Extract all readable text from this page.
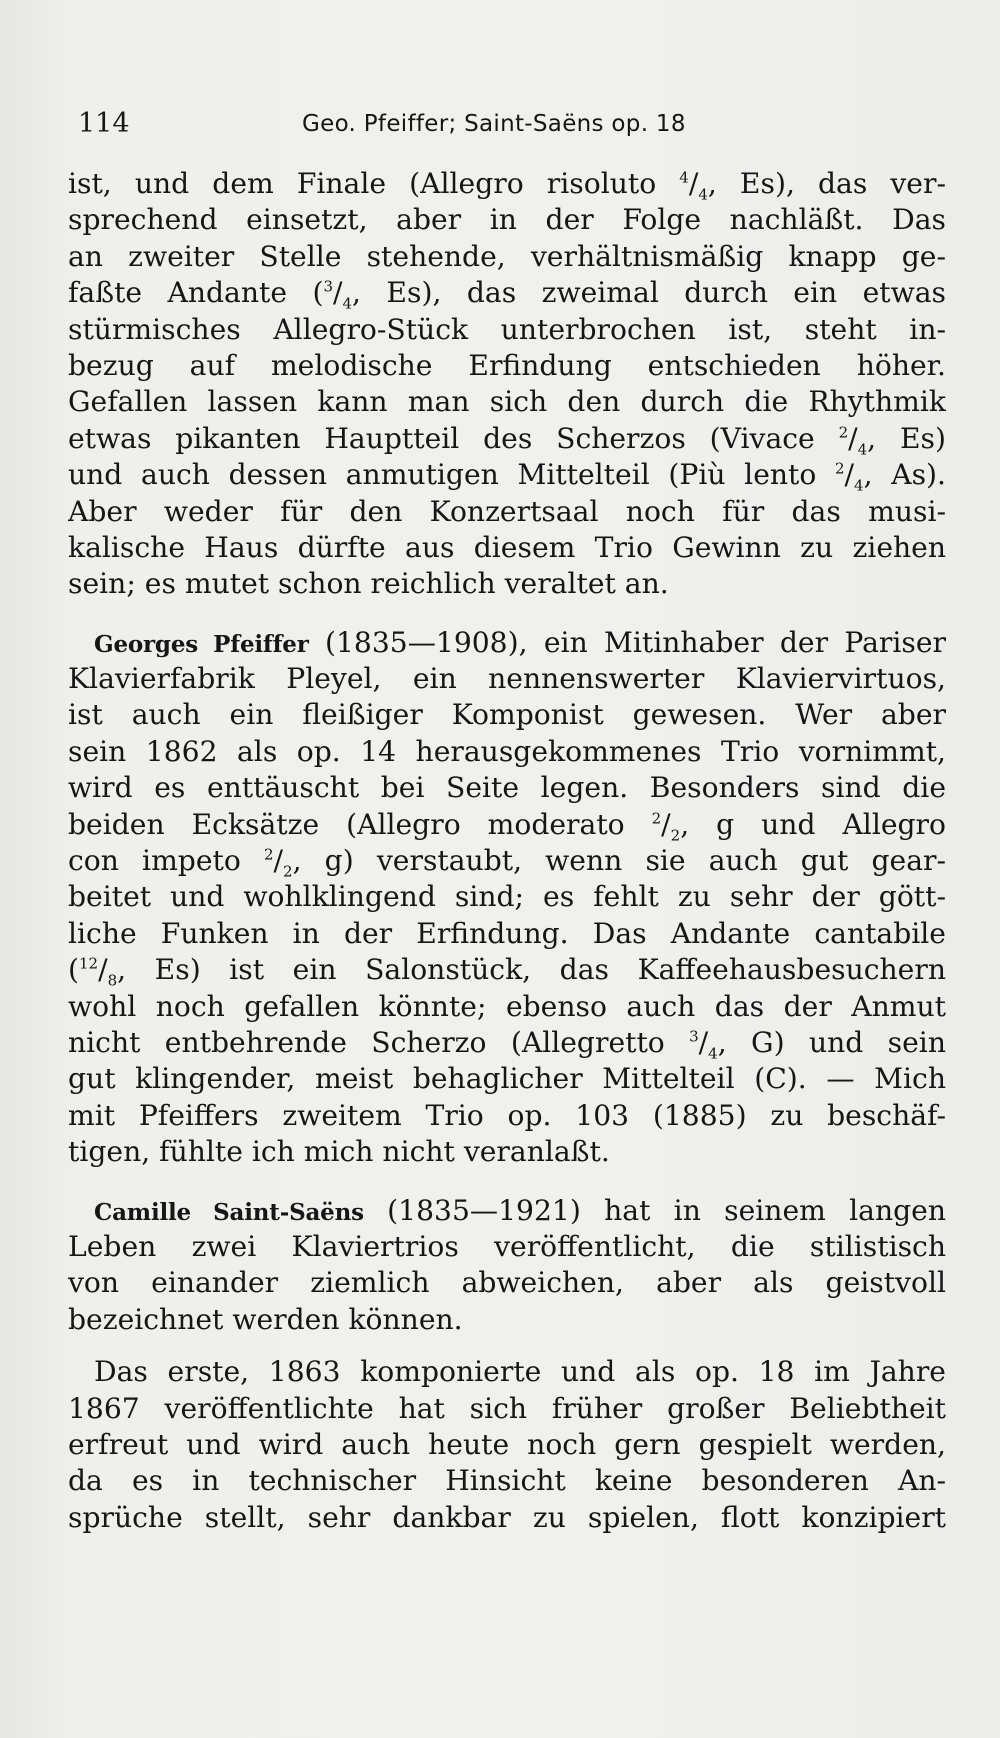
114	Geo. Pfeiffer; Saint-Saëns op. 18
ist, und dem Finale (Allegro risoluto $^4/_4$, Es), das ver-
sprechend einsetzt, aber in der Folge nachläßt. Das
an zweiter Stelle stehende, verhältnismäßig knapp ge-
faßte Andante ($^3/_4$, Es), das zweimal durch ein etwas
stürmisches Allegro-Stück unterbrochen ist, steht in-
bezug auf melodische Erfindung entschieden höher.
Gefallen lassen kann man sich den durch die Rhythmik
etwas pikanten Hauptteil des Scherzos (Vivace $^2/_4$, Es)
und auch dessen anmutigen Mittelteil (Più lento $^2/_4$, As).
Aber weder für den Konzertsaal noch für das musi-
kalische Haus dürfte aus diesem Trio Gewinn zu ziehen
sein; es mutet schon reichlich veraltet an.
Georges Pfeiffer (1835—1908), ein Mitinhaber der Pariser
Klavierfabrik Pleyel, ein nennenswerter Klaviervirtuos,
ist auch ein fleißiger Komponist gewesen. Wer aber
sein 1862 als op. 14 herausgekommenes Trio vornimmt,
wird es enttäuscht bei Seite legen. Besonders sind die
beiden Ecksätze (Allegro moderato $^2/_2$, g und Allegro
con impeto $^2/_2$, g) verstaubt, wenn sie auch gut gear-
beitet und wohlklingend sind; es fehlt zu sehr der gött-
liche Funken in der Erfindung. Das Andante cantabile
($^{12}/_8$, Es) ist ein Salonstück, das Kaffeehausbesuchern
wohl noch gefallen könnte; ebenso auch das der Anmut
nicht entbehrende Scherzo (Allegretto $^3/_4$, G) und sein
gut klingender, meist behaglicher Mittelteil (C). — Mich
mit Pfeiffers zweitem Trio op. 103 (1885) zu beschäf-
tigen, fühlte ich mich nicht veranlaßt.
Camille Saint-Saëns (1835—1921) hat in seinem langen
Leben zwei Klaviertrios veröffentlicht, die stilistisch
von einander ziemlich abweichen, aber als geistvoll
bezeichnet werden können.
Das erste, 1863 komponierte und als op. 18 im Jahre
1867 veröffentlichte hat sich früher großer Beliebtheit
erfreut und wird auch heute noch gern gespielt werden,
da es in technischer Hinsicht keine besonderen An-
sprüche stellt, sehr dankbar zu spielen, flott konzipiert
